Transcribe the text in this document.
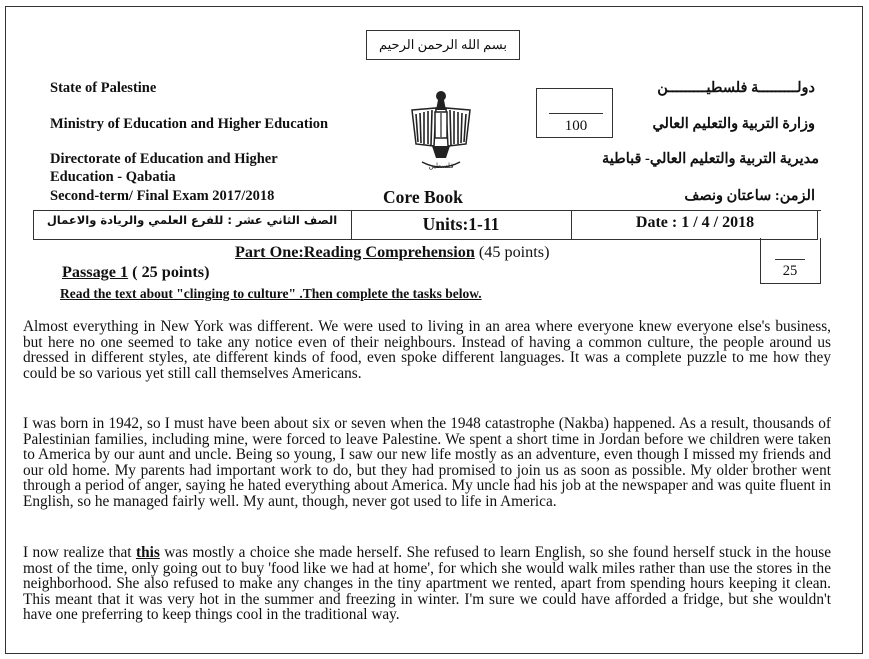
بسم الله الرحمن الرحيم
State of Palestine
Ministry of Education and Higher Education
Directorate of Education and Higher
Education - Qabatia
Second-term/ Final Exam 2017/2018
دولـــــــــة فلسطيـــــــــن
وزارة التربية والتعليم العالي
مديرية التربية والتعليم العالي- قباطية
الزمن: ساعتان ونصف
فلسطين
100
Core Book
الصف الثاني عشر : للفرع العلمي والريادة والاعمال	Units:1-11	Date : 1 / 4 / 2018
Part One:Reading Comprehension (45 points)
25
Passage 1 ( 25 points)
Read the text about "clinging to culture" .Then complete the tasks below.
Almost everything in New York was different. We were used to living in an area where everyone knew everyone else's business, but here no one seemed to take any notice even of their neighbours. Instead of having a common culture, the people around us dressed in different styles, ate different kinds of food, even spoke different languages. It was a complete puzzle to me how they could be so various yet still call themselves Americans.
I was born in 1942, so I must have been about six or seven when the 1948 catastrophe (Nakba) happened. As a result, thousands of Palestinian families, including mine, were forced to leave Palestine. We spent a short time in Jordan before we children were taken to America by our aunt and uncle. Being so young, I saw our new life mostly as an adventure, even though I missed my friends and our old home. My parents had important work to do, but they had promised to join us as soon as possible. My older brother went through a period of anger, saying he hated everything about America. My uncle had his job at the newspaper and was quite fluent in English, so he managed fairly well. My aunt, though, never got used to life in America.
I now realize that this was mostly a choice she made herself. She refused to learn English, so she found herself stuck in the house most of the time, only going out to buy 'food like we had at home', for which she would walk miles rather than use the stores in the neighborhood. She also refused to make any changes in the tiny apartment we rented, apart from spending hours keeping it clean. This meant that it was very hot in the summer and freezing in winter. I'm sure we could have afforded a fridge, but she wouldn't have one preferring to keep things cool in the traditional way.
